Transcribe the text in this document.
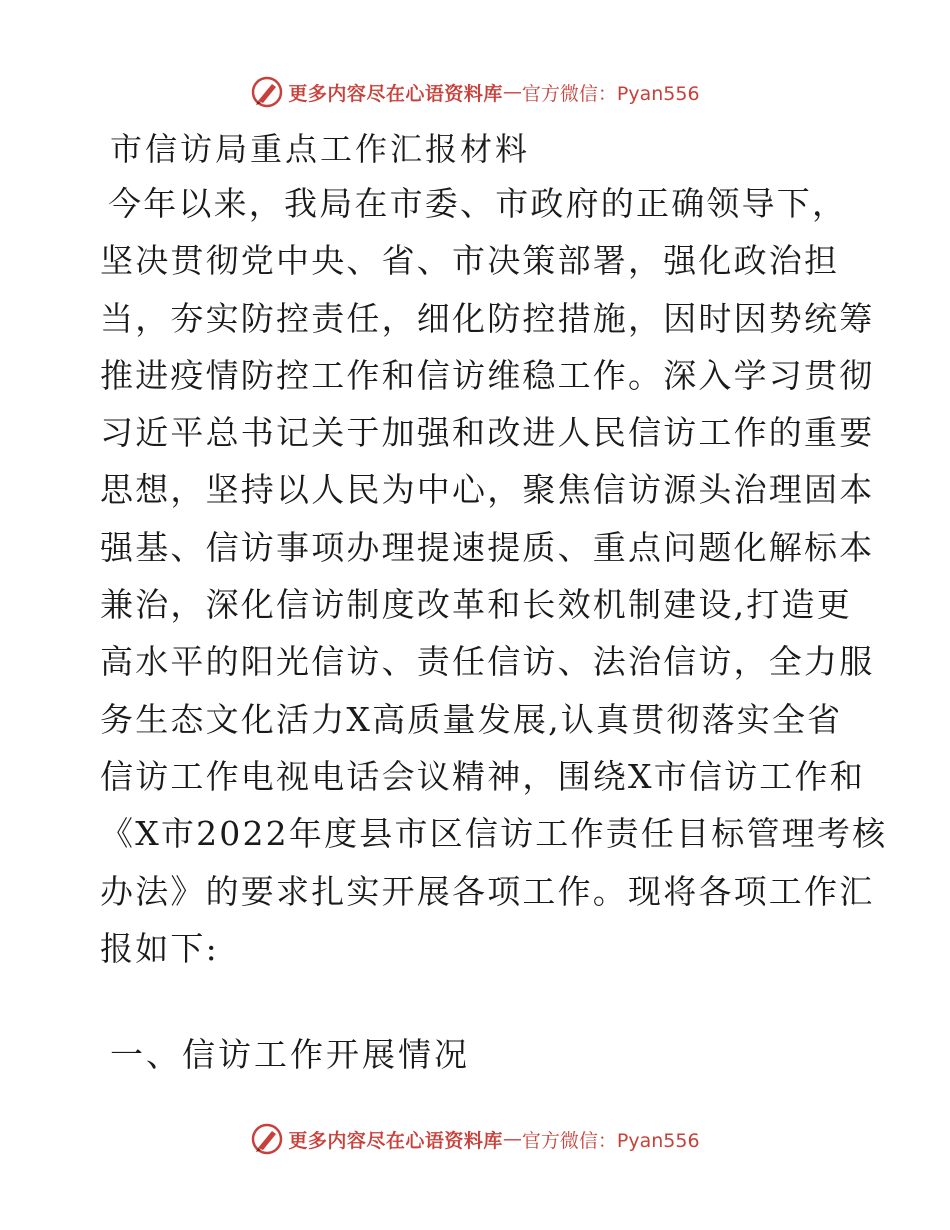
更多内容尽在心语资料库 — 官方微信：Pyan556
市信访局重点工作汇报材料
今年以来，我局在市委、市政府的正确领导下，
坚决贯彻党中央、省、市决策部署，强化政治担
当，夯实防控责任，细化防控措施，因时因势统筹
推进疫情防控工作和信访维稳工作。深入学习贯彻
习近平总书记关于加强和改进人民信访工作的重要
思想，坚持以人民为中心，聚焦信访源头治理固本
强基、信访事项办理提速提质、重点问题化解标本
兼治，深化信访制度改革和长效机制建设,打造更
高水平的阳光信访、责任信访、法治信访，全力服
务生态文化活力X高质量发展,认真贯彻落实全省
信访工作电视电话会议精神，围绕X市信访工作和
《X市2022年度县市区信访工作责任目标管理考核
办法》的要求扎实开展各项工作。现将各项工作汇
报如下:
一、信访工作开展情况
更多内容尽在心语资料库 — 官方微信：Pyan556
